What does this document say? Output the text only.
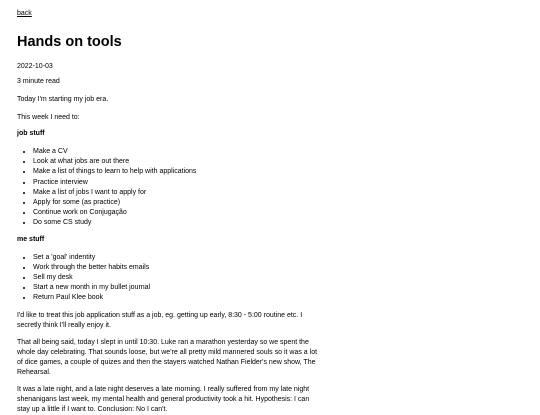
back
Hands on tools
2022-10-03
3 minute read

Today I'm starting my job era.

This week I need to:

job stuff
• Make a CV
• Look at what jobs are out there
• Make a list of things to learn to help with applications
• Practice interview
• Make a list of jobs I want to apply for
• Apply for some (as practice)
• Continue work on Conjugação
• Do some CS study
me stuff
• Set a 'goal' indentity
• Work through the better habits emails
• Sell my desk
• Start a new month in my bullet journal
• Return Paul Klee book

I'd like to treat this job application stuff as a job, eg. getting up early, 8:30 - 5:00 routine etc. I secretly think I'll really enjoy it.

That all being said, today I slept in until 10:30. Luke ran a marathon yesterday so we spent the whole day celebrating. That sounds loose, but we're all pretty mild mannered souls so it was a lot of dice games, a couple of quizes and then the stayers watched Nathan Fielder's new show, The Rehearsal.

It was a late night, and a late night deserves a late morning. I really suffered from my late night shenanigans last week, my mental health and general productivity took a hit. Hypothesis: I can stay up a little if I want to. Conclusion: No I can't.
